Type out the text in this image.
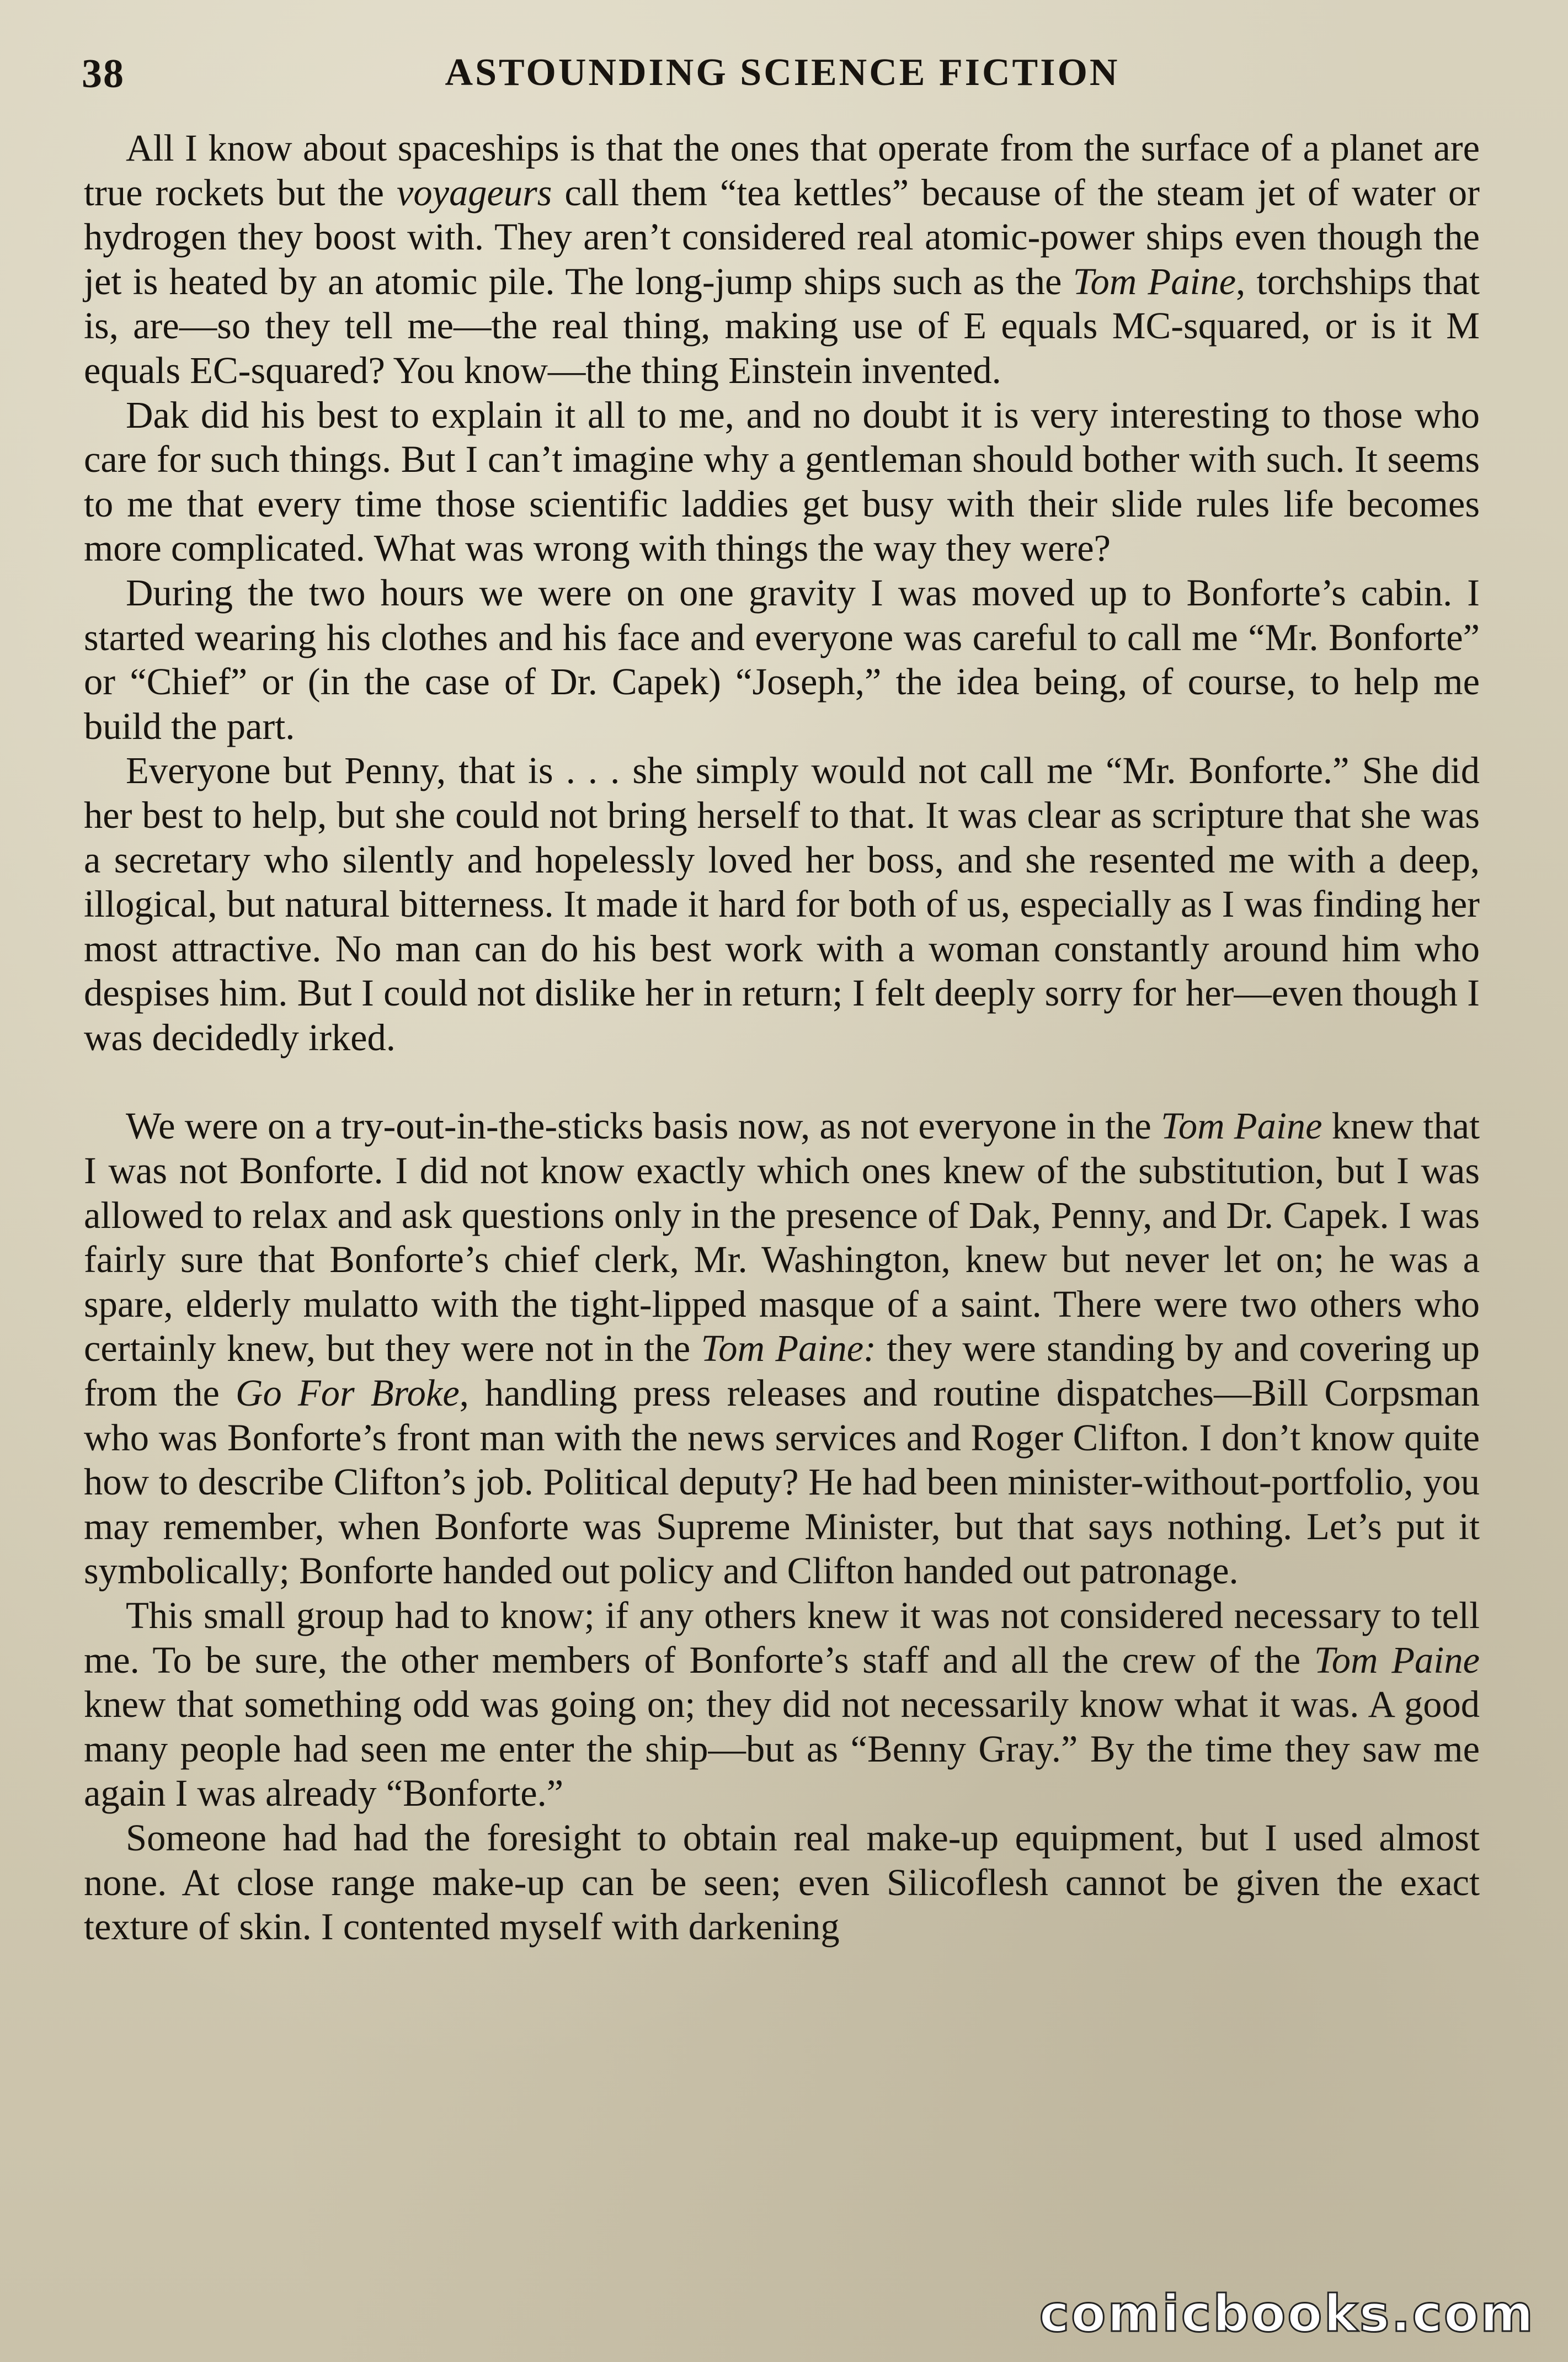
38	ASTOUNDING SCIENCE FICTION

All I know about spaceships is that the ones that operate from the surface of a planet are true rockets but the voyageurs call them “tea kettles” because of the steam jet of water or hydrogen they boost with. They aren’t considered real atomic-power ships even though the jet is heated by an atomic pile. The long-jump ships such as the Tom Paine, torchships that is, are—so they tell me—the real thing, making use of E equals MC-squared, or is it M equals EC-squared? You know—the thing Einstein invented.

Dak did his best to explain it all to me, and no doubt it is very interesting to those who care for such things. But I can’t imagine why a gentleman should bother with such. It seems to me that every time those scientific laddies get busy with their slide rules life becomes more complicated. What was wrong with things the way they were?

During the two hours we were on one gravity I was moved up to Bonforte’s cabin. I started wearing his clothes and his face and everyone was careful to call me “Mr. Bonforte” or “Chief” or (in the case of Dr. Capek) “Joseph,” the idea being, of course, to help me build the part.

Everyone but Penny, that is . . . she simply would not call me “Mr. Bonforte.” She did her best to help, but she could not bring herself to that. It was clear as scripture that she was a secretary who silently and hopelessly loved her boss, and she resented me with a deep, illogical, but natural bitterness. It made it hard for both of us, especially as I was finding her most attractive. No man can do his best work with a woman constantly around him who despises him. But I could not dislike her in return; I felt deeply sorry for her—even though I was decidedly irked.

We were on a try-out-in-the-sticks basis now, as not everyone in the Tom Paine knew that I was not Bonforte. I did not know exactly which ones knew of the substitution, but I was allowed to relax and ask questions only in the presence of Dak, Penny, and Dr. Capek. I was fairly sure that Bonforte’s chief clerk, Mr. Washington, knew but never let on; he was a spare, elderly mulatto with the tight-lipped masque of a saint. There were two others who certainly knew, but they were not in the Tom Paine: they were standing by and covering up from the Go For Broke, handling press releases and routine dispatches—Bill Corpsman who was Bonforte’s front man with the news services and Roger Clifton. I don’t know quite how to describe Clifton’s job. Political deputy? He had been minister-without-portfolio, you may remember, when Bonforte was Supreme Minister, but that says nothing. Let’s put it symbolically; Bonforte handed out policy and Clifton handed out patronage.

This small group had to know; if any others knew it was not considered necessary to tell me. To be sure, the other members of Bonforte’s staff and all the crew of the Tom Paine knew that something odd was going on; they did not necessarily know what it was. A good many people had seen me enter the ship—but as “Benny Gray.” By the time they saw me again I was already “Bonforte.”

Someone had had the foresight to obtain real make-up equipment, but I used almost none. At close range make-up can be seen; even Silicoflesh cannot be given the exact texture of skin. I contented myself with darkening

comicbooks.com
